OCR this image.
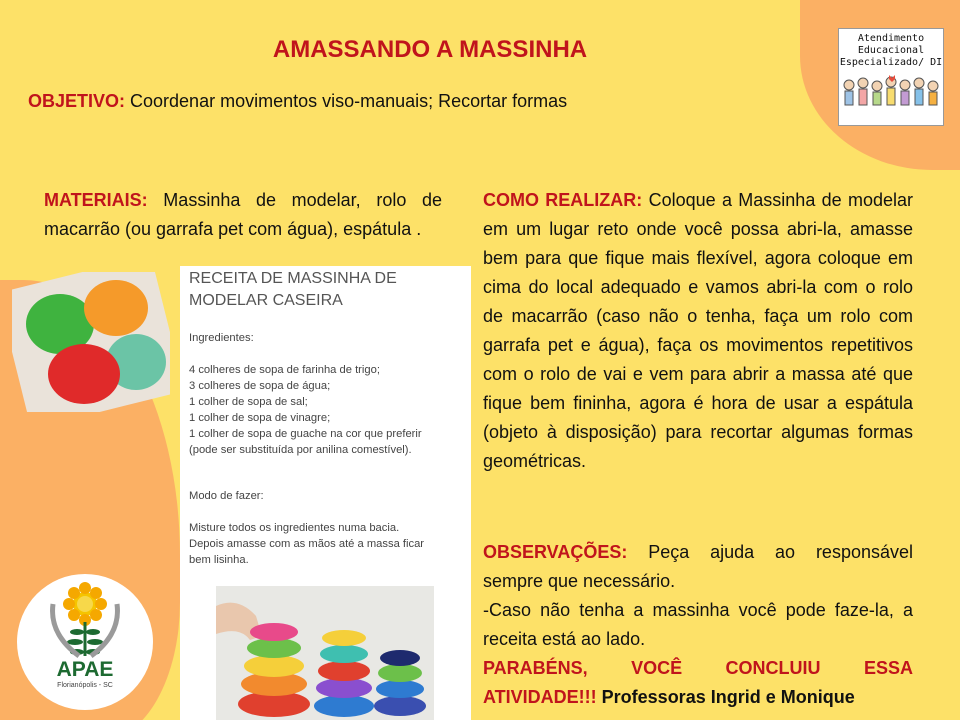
AMASSANDO A MASSINHA
OBJETIVO: Coordenar movimentos viso-manuais; Recortar formas
MATERIAIS: Massinha de modelar, rolo de macarrão (ou garrafa pet com água), espátula .
COMO REALIZAR: Coloque a Massinha de modelar em um lugar reto onde você possa abri-la, amasse bem para que fique mais flexível, agora coloque em cima do local adequado e vamos abri-la com o rolo de macarrão (caso não o tenha, faça um rolo com garrafa pet e água), faça os movimentos repetitivos com o rolo de vai e vem para abrir a massa até que fique bem fininha, agora é hora de usar a espátula (objeto à disposição) para recortar algumas formas geométricas.
OBSERVAÇÕES: Peça ajuda ao responsável sempre que necessário.
-Caso não tenha a massinha você pode faze-la, a receita está ao lado.
PARABÉNS, VOCÊ CONCLUIU ESSA ATIVIDADE!!! Professoras Ingrid e Monique
Atendimento
Educacional
Especializado/ DI
RECEITA DE MASSINHA DE MODELAR CASEIRA
Ingredientes:
4 colheres de sopa de farinha de trigo;
3 colheres de sopa de água;
1 colher de sopa de sal;
1 colher de sopa de vinagre;
1 colher de sopa de guache na cor que preferir
(pode ser substituída por anilina comestível).
Modo de fazer:
Misture todos os ingredientes numa bacia.
Depois amasse com as mãos até a massa ficar
bem lisinha.
APAE
Florianópolis - SC
